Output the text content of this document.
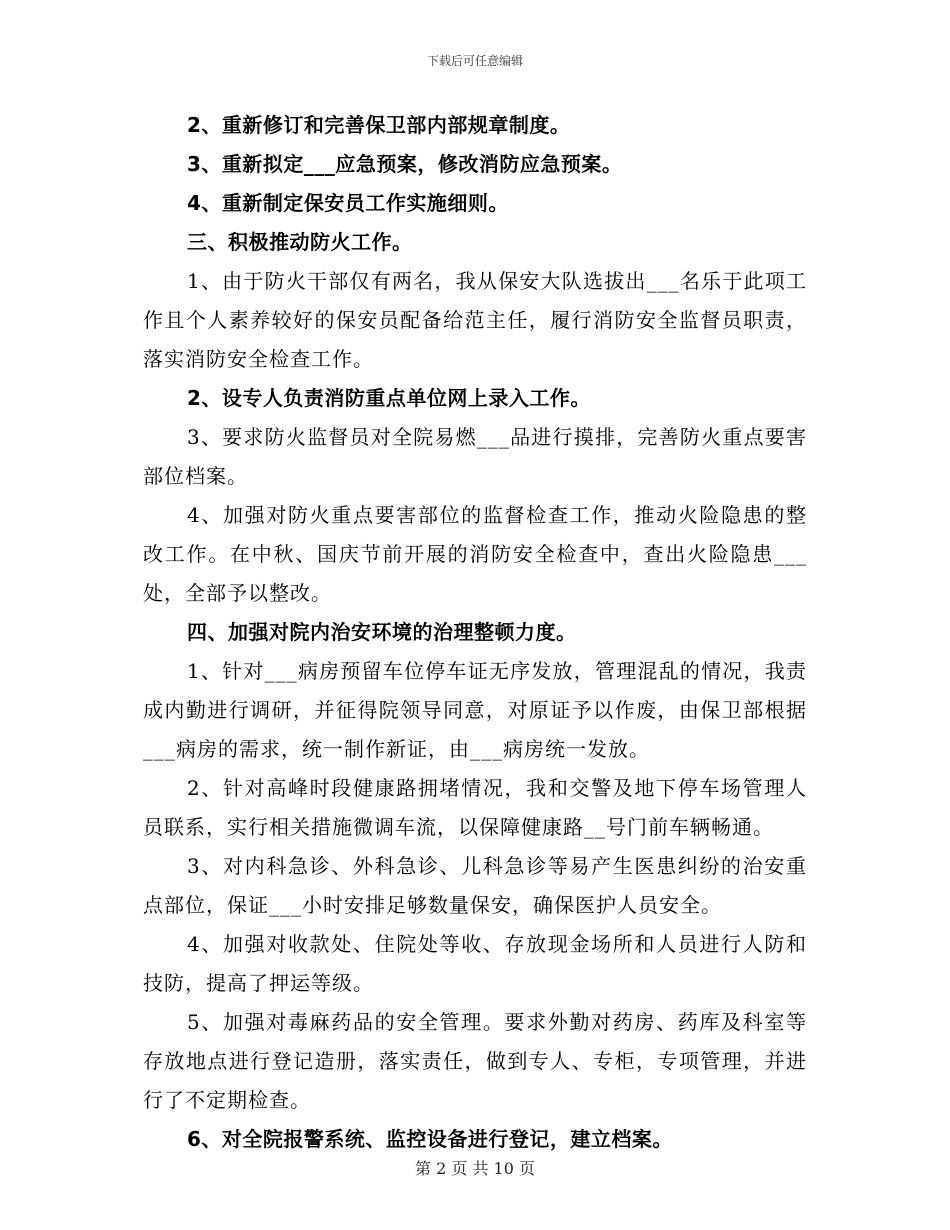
下载后可任意编辑

2、重新修订和完善保卫部内部规章制度。

3、重新拟定___应急预案，修改消防应急预案。

4、重新制定保安员工作实施细则。

三、积极推动防火工作。

1、由于防火干部仅有两名，我从保安大队选拔出___名乐于此项工作且个人素养较好的保安员配备给范主任，履行消防安全监督员职责，落实消防安全检查工作。

2、设专人负责消防重点单位网上录入工作。

3、要求防火监督员对全院易燃___品进行摸排，完善防火重点要害部位档案。

4、加强对防火重点要害部位的监督检查工作，推动火险隐患的整改工作。在中秋、国庆节前开展的消防安全检查中，查出火险隐患___处，全部予以整改。

四、加强对院内治安环境的治理整顿力度。

1、针对___病房预留车位停车证无序发放，管理混乱的情况，我责成内勤进行调研，并征得院领导同意，对原证予以作废，由保卫部根据___病房的需求，统一制作新证，由___病房统一发放。

2、针对高峰时段健康路拥堵情况，我和交警及地下停车场管理人员联系，实行相关措施微调车流，以保障健康路__号门前车辆畅通。

3、对内科急诊、外科急诊、儿科急诊等易产生医患纠纷的治安重点部位，保证___小时安排足够数量保安，确保医护人员安全。

4、加强对收款处、住院处等收、存放现金场所和人员进行人防和技防，提高了押运等级。

5、加强对毒麻药品的安全管理。要求外勤对药房、药库及科室等存放地点进行登记造册，落实责任，做到专人、专柜，专项管理，并进行了不定期检查。

6、对全院报警系统、监控设备进行登记，建立档案。

第 2 页 共 10 页
